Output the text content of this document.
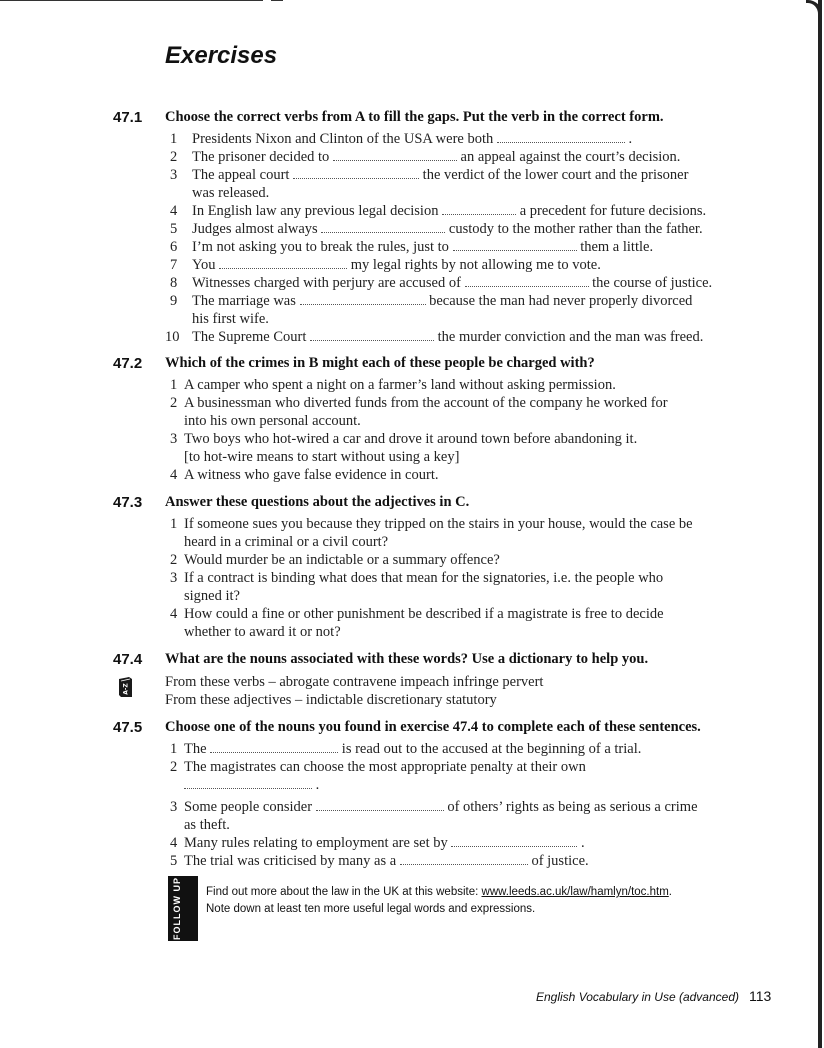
Exercises
47.1 Choose the correct verbs from A to fill the gaps. Put the verb in the correct form.
1 Presidents Nixon and Clinton of the USA were both	.
2 The prisoner decided to	an appeal against the court’s decision.
3 The appeal court	the verdict of the lower court and the prisoner
was released.
4 In English law any previous legal decision	a precedent for future decisions.
5 Judges almost always	custody to the mother rather than the father.
6 I’m not asking you to break the rules, just to	them a little.
7 You	my legal rights by not allowing me to vote.
8 Witnesses charged with perjury are accused of	the course of justice.
9 The marriage was	because the man had never properly divorced
his first wife.
10 The Supreme Court	the murder conviction and the man was freed.
47.2 Which of the crimes in B might each of these people be charged with?
1 A camper who spent a night on a farmer’s land without asking permission.
2 A businessman who diverted funds from the account of the company he worked for
into his own personal account.
3 Two boys who hot-wired a car and drove it around town before abandoning it.
[to hot-wire means to start without using a key]
4 A witness who gave false evidence in court.
47.3 Answer these questions about the adjectives in C.
1 If someone sues you because they tripped on the stairs in your house, would the case be
heard in a criminal or a civil court?
2 Would murder be an indictable or a summary offence?
3 If a contract is binding what does that mean for the signatories, i.e. the people who
signed it?
4 How could a fine or other punishment be described if a magistrate is free to decide
whether to award it or not?
47.4 What are the nouns associated with these words? Use a dictionary to help you.
From these verbs – abrogate contravene impeach infringe pervert
From these adjectives – indictable discretionary statutory
A-Z
47.5 Choose one of the nouns you found in exercise 47.4 to complete each of these sentences.
1 The	is read out to the accused at the beginning of a trial.
2 The magistrates can choose the most appropriate penalty at their own
.
3 Some people consider	of others’ rights as being as serious a crime
as theft.
4 Many rules relating to employment are set by	.
5 The trial was criticised by many as a	of justice.
FOLLOW UP	Find out more about the law in the UK at this website: www.leeds.ac.uk/law/hamlyn/toc.htm.
Note down at least ten more useful legal words and expressions.
English Vocabulary in Use (advanced) 113
